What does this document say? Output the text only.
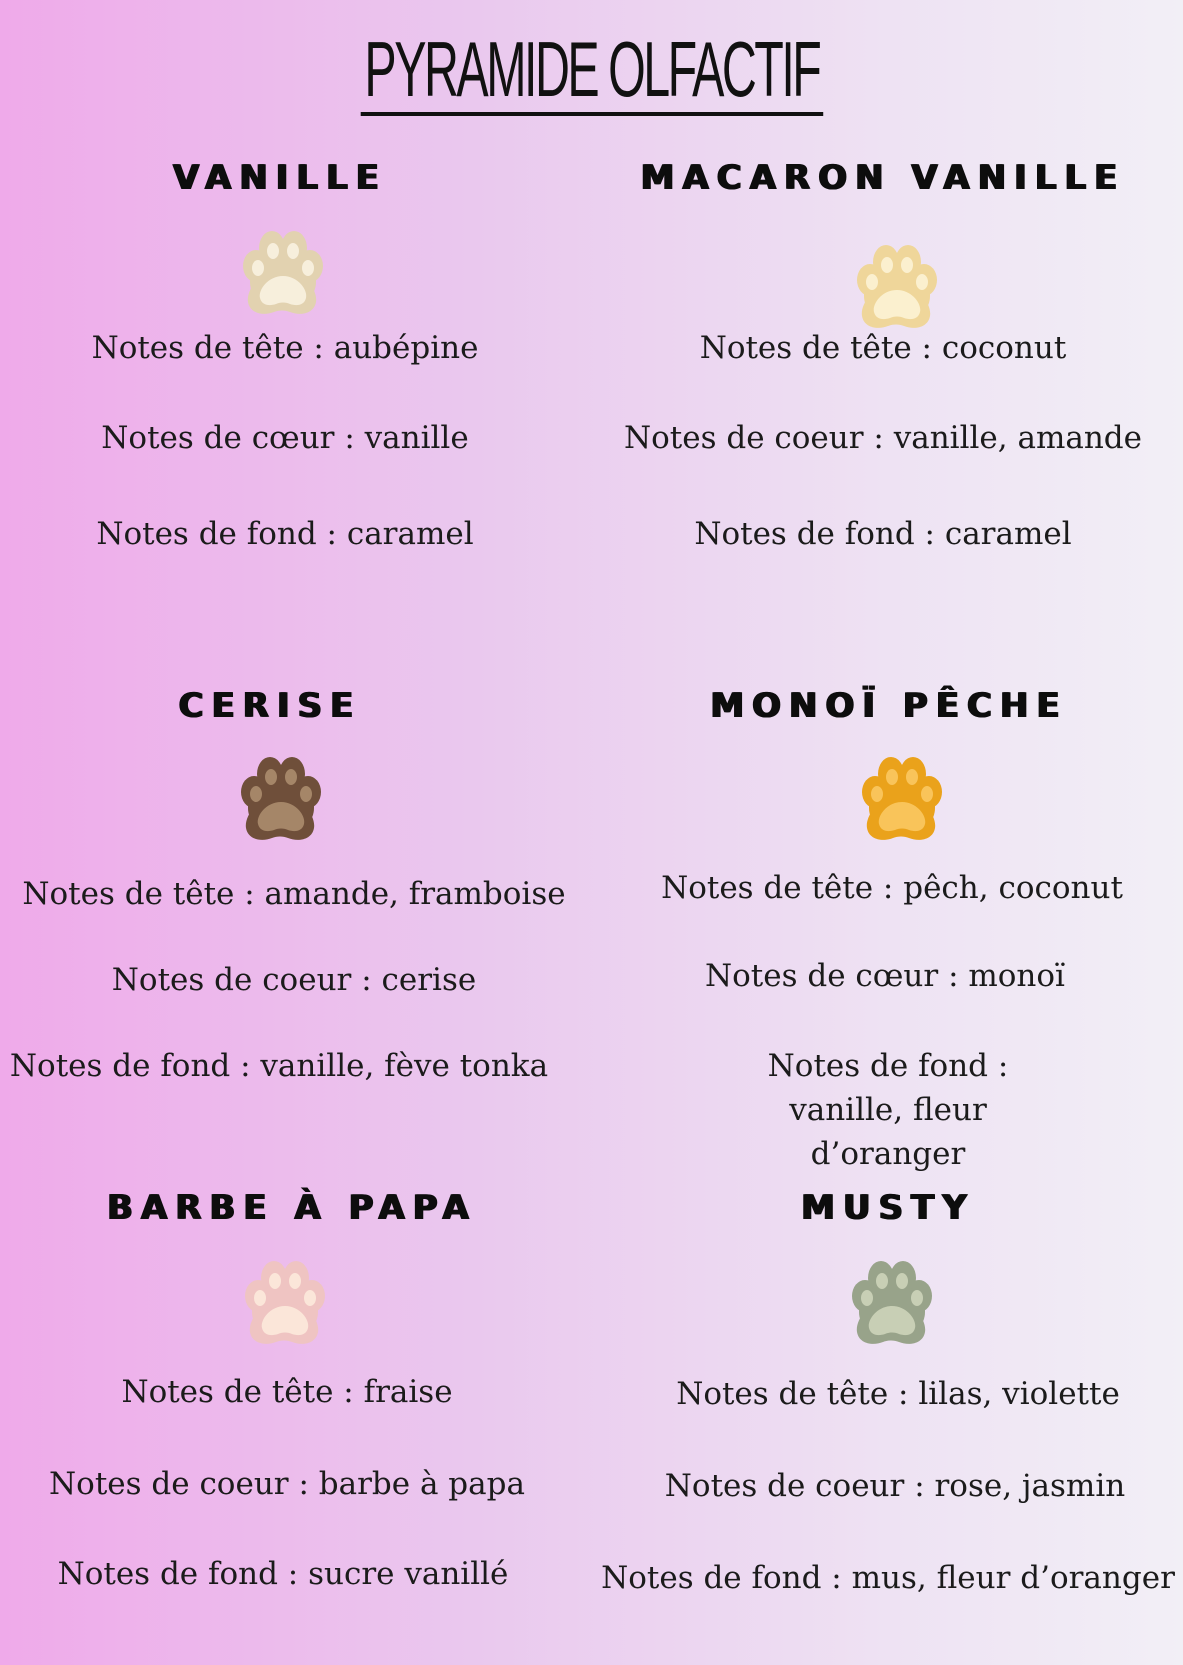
PYRAMIDE OLFACTIF
VANILLE
Notes de tête : aubépine
Notes de cœur : vanille
Notes de fond : caramel
MACARON VANILLE
Notes de tête : coconut
Notes de coeur : vanille, amande
Notes de fond : caramel
CERISE
Notes de tête : amande, framboise
Notes de coeur : cerise
Notes de fond : vanille, fève tonka
MONOÏ PÊCHE
Notes de tête : pêch, coconut
Notes de cœur : monoï
Notes de fond : vanille, fleur d’oranger
BARBE À PAPA
Notes de tête : fraise
Notes de coeur : barbe à papa
Notes de fond : sucre vanillé
MUSTY
Notes de tête : lilas, violette
Notes de coeur : rose, jasmin
Notes de fond : mus, fleur d’oranger
